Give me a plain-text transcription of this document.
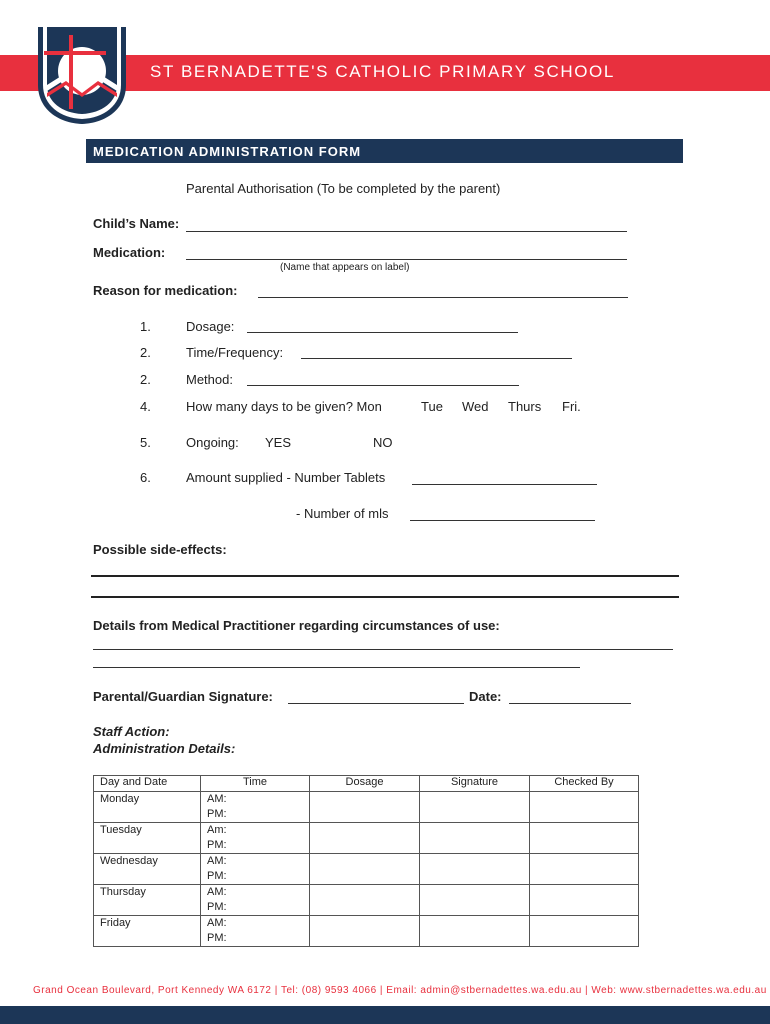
ST BERNADETTE'S CATHOLIC PRIMARY SCHOOL
MEDICATION ADMINISTRATION FORM
Parental Authorisation (To be completed by the parent)
Child’s Name:
Medication:
(Name that appears on label)
Reason for medication:
1.	Dosage:
2.	Time/Frequency:
2.	Method:
4.	How many days to be given? Mon	Tue Wed Thurs Fri.
5.	Ongoing: YES	NO
6.	Amount supplied - Number Tablets
- Number of mls
Possible side-effects:
Details from Medical Practitioner regarding circumstances of use:
Parental/Guardian Signature:	Date:
Staff Action:
Administration Details:
Day and Date	Time	Dosage	Signature	Checked By
Monday	AM:
PM:			

Tuesday	Am:
PM:			

Wednesday	AM:
PM:			

Thursday	AM:
PM:			

Friday	AM:
PM:			

Grand Ocean Boulevard, Port Kennedy WA 6172 | Tel: (08) 9593 4066 | Email: admin@stbernadettes.wa.edu.au | Web: www.stbernadettes.wa.edu.au
